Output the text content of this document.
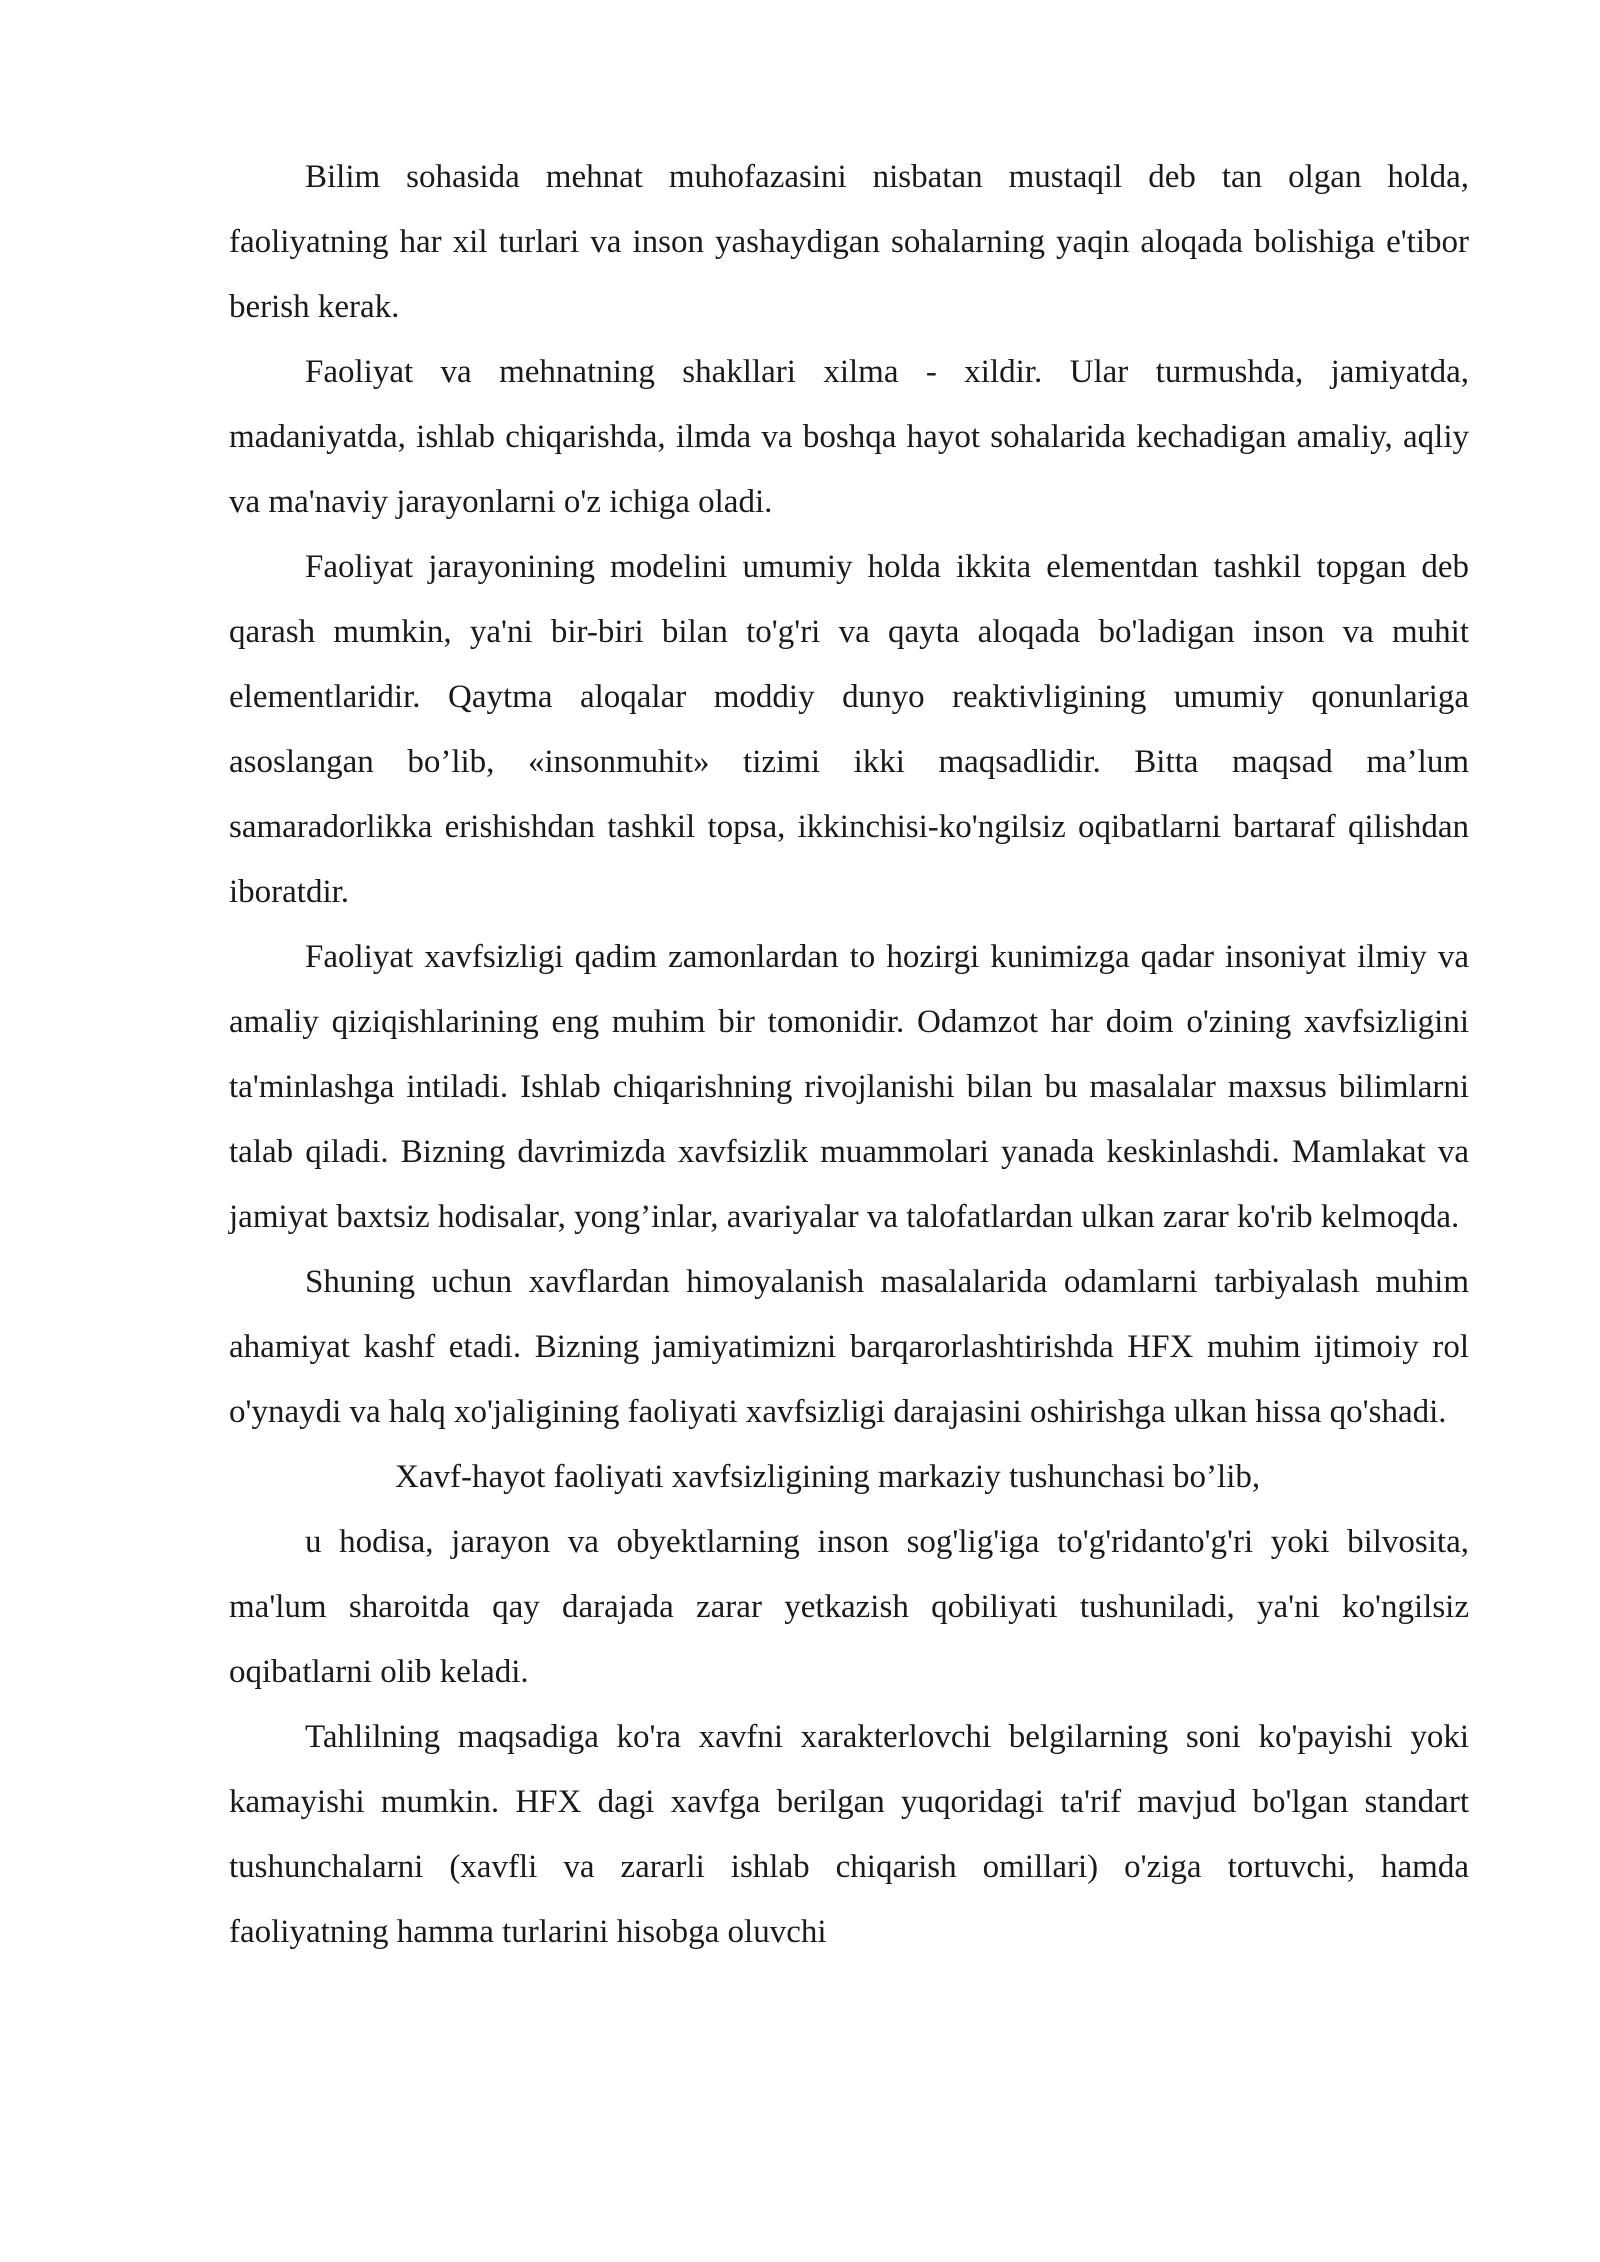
Bilim sohasida mehnat muhofazasini nisbatan mustaqil deb tan olgan holda, faoliyatning har xil turlari va inson yashaydigan sohalarning yaqin aloqada bolishiga e'tibor berish kerak.

Faoliyat va mehnatning shakllari xilma - xildir. Ular turmushda, jamiyatda, madaniyatda, ishlab chiqarishda, ilmda va boshqa hayot sohalarida kechadigan amaliy, aqliy va ma'naviy jarayonlarni o'z ichiga oladi.

Faoliyat jarayonining modelini umumiy holda ikkita elementdan tashkil topgan deb qarash mumkin, ya'ni bir-biri bilan to'g'ri va qayta aloqada bo'ladigan inson va muhit elementlaridir. Qaytma aloqalar moddiy dunyo reaktivligining umumiy qonunlariga asoslangan bo’lib, «insonmuhit» tizimi ikki maqsadlidir. Bitta maqsad ma’lum samaradorlikka erishishdan tashkil topsa, ikkinchisi-ko'ngilsiz oqibatlarni bartaraf qilishdan iboratdir.

Faoliyat xavfsizligi qadim zamonlardan to hozirgi kunimizga qadar insoniyat ilmiy va amaliy qiziqishlarining eng muhim bir tomonidir. Odamzot har doim o'zining xavfsizligini ta'minlashga intiladi. Ishlab chiqarishning rivojlanishi bilan bu masalalar maxsus bilimlarni talab qiladi. Bizning davrimizda xavfsizlik muammolari yanada keskinlashdi. Mamlakat va jamiyat baxtsiz hodisalar, yong’inlar, avariyalar va talofatlardan ulkan zarar ko'rib kelmoqda.

Shuning uchun xavflardan himoyalanish masalalarida odamlarni tarbiyalash muhim ahamiyat kashf etadi. Bizning jamiyatimizni barqarorlashtirishda HFX muhim ijtimoiy rol o'ynaydi va halq xo'jaligining faoliyati xavfsizligi darajasini oshirishga ulkan hissa qo'shadi.

Xavf-hayot faoliyati xavfsizligining markaziy tushunchasi bo’lib,

u hodisa, jarayon va obyektlarning inson sog'lig'iga to'g'ridanto'g'ri yoki bilvosita, ma'lum sharoitda qay darajada zarar yetkazish qobiliyati tushuniladi, ya'ni ko'ngilsiz oqibatlarni olib keladi.

Tahlilning maqsadiga ko'ra xavfni xarakterlovchi belgilarning soni ko'payishi yoki kamayishi mumkin. HFX dagi xavfga berilgan yuqoridagi ta'rif mavjud bo'lgan standart tushunchalarni (xavfli va zararli ishlab chiqarish omillari) o'ziga tortuvchi, hamda faoliyatning hamma turlarini hisobga oluvchi
